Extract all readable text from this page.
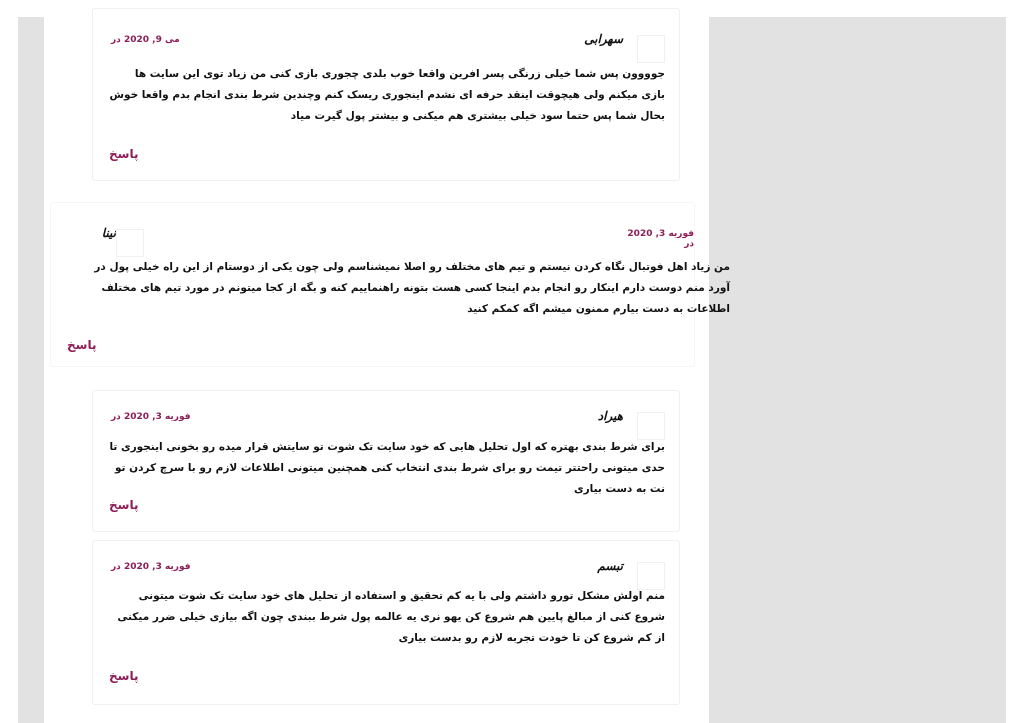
می 9, 2020 در	سهرابی
جوووون پس شما خیلی زرنگی پسر افرین واقعا خوب بلدی چجوری بازی کنی من زیاد توی این سایت ها بازی میکنم ولی هیچوقت اینقد حرفه ای نشدم اینجوری ریسک کنم وچندین شرط بندی انجام بدم واقعا خوش بحال شما پس حتما سود خیلی بیشتری هم میکنی و بیشتر پول گیرت میاد
پاسخ
فوریه 3, 2020 در
نینا
من زیاد اهل فوتبال نگاه کردن نیستم و تیم های مختلف رو اصلا نمیشناسم ولی چون یکی از دوستام از این راه خیلی پول در آورد منم دوست دارم اینکار رو انجام بدم اینجا کسی هست بتونه راهنماییم کنه و بگه از کجا میتونم در مورد تیم های مختلف اطلاعات به دست بیارم ممنون میشم اگه کمکم کنید
پاسخ
فوریه 3, 2020 در	هیراد
برای شرط بندی بهتره که اول تحلیل هایی که خود سایت تک شوت تو سایتش قرار میده رو بخونی اینجوری تا حدی میتونی راحتتر تیمت رو برای شرط بندی انتخاب کنی همچنین میتونی اطلاعات لازم رو با سرچ کردن تو نت به دست بیاری
پاسخ
فوریه 3, 2020 در	تبسم
منم اولش مشکل تورو داشتم ولی با یه کم تحقیق و استفاده از تحلیل های خود سایت تک شوت میتونی شروع کنی از مبالغ پایین هم شروع کن یهو نری یه عالمه پول شرط ببندی چون اگه بیازی خیلی ضرر میکنی از کم شروع کن تا خودت تجربه لازم رو بدست بیاری
پاسخ
